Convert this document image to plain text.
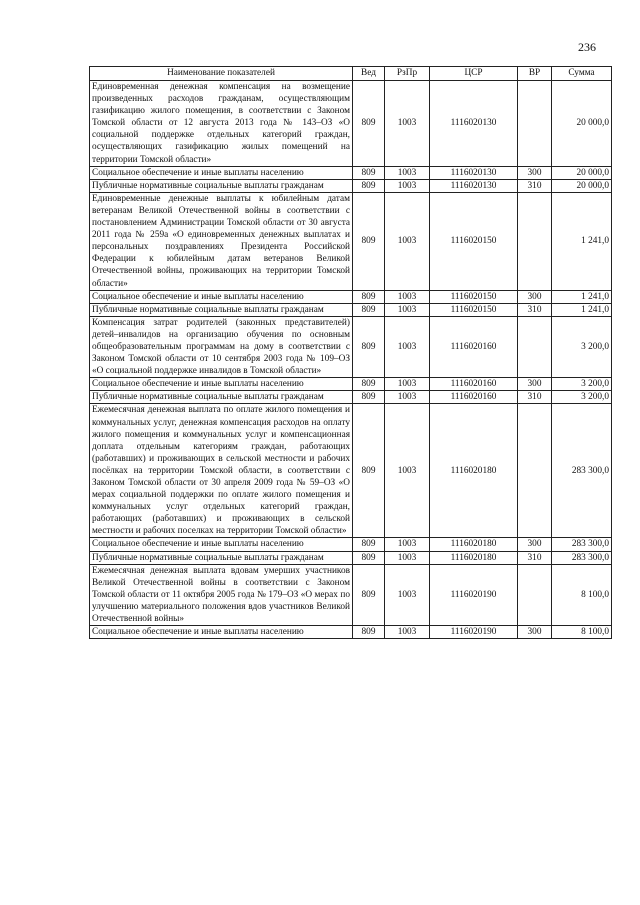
236
Наименование показателей	Вед	РзПр	ЦСР	ВР	Сумма
Единовременная денежная компенсация на возмещение произведенных расходов гражданам, осуществляющим газификацию жилого помещения, в соответствии с Законом Томской области от 12 августа 2013 года № 143–ОЗ «О социальной поддержке отдельных категорий граждан, осуществляющих газификацию жилых помещений на территории Томской области»	809	1003	1116020130		20 000,0
Социальное обеспечение и иные выплаты населению	809	1003	1116020130	300	20 000,0
Публичные нормативные социальные выплаты гражданам	809	1003	1116020130	310	20 000,0
Единовременные денежные выплаты к юбилейным датам ветеранам Великой Отечественной войны в соответствии с постановлением Администрации Томской области от 30 августа 2011 года № 259а «О единовременных денежных выплатах и персональных поздравлениях Президента Российской Федерации к юбилейным датам ветеранов Великой Отечественной войны, проживающих на территории Томской области»	809	1003	1116020150		1 241,0
Социальное обеспечение и иные выплаты населению	809	1003	1116020150	300	1 241,0
Публичные нормативные социальные выплаты гражданам	809	1003	1116020150	310	1 241,0
Компенсация затрат родителей (законных представителей) детей–инвалидов на организацию обучения по основным общеобразовательным программам на дому в соответствии с Законом Томской области от 10 сентября 2003 года № 109–ОЗ «О социальной поддержке инвалидов в Томской области»	809	1003	1116020160		3 200,0
Социальное обеспечение и иные выплаты населению	809	1003	1116020160	300	3 200,0
Публичные нормативные социальные выплаты гражданам	809	1003	1116020160	310	3 200,0
Ежемесячная денежная выплата по оплате жилого помещения и коммунальных услуг, денежная компенсация расходов на оплату жилого помещения и коммунальных услуг и компенсационная доплата отдельным категориям граждан, работающих (работавших) и проживающих в сельской местности и рабочих посёлках на территории Томской области, в соответствии с Законом Томской области от 30 апреля 2009 года № 59–ОЗ «О мерах социальной поддержки по оплате жилого помещения и коммунальных услуг отдельных категорий граждан, работающих (работавших) и проживающих в сельской местности и рабочих поселках на территории Томской области»	809	1003	1116020180		283 300,0
Социальное обеспечение и иные выплаты населению	809	1003	1116020180	300	283 300,0
Публичные нормативные социальные выплаты гражданам	809	1003	1116020180	310	283 300,0
Ежемесячная денежная выплата вдовам умерших участников Великой Отечественной войны в соответствии с Законом Томской области от 11 октября 2005 года № 179–ОЗ «О мерах по улучшению материального положения вдов участников Великой Отечественной войны»	809	1003	1116020190		8 100,0
Социальное обеспечение и иные выплаты населению	809	1003	1116020190	300	8 100,0
